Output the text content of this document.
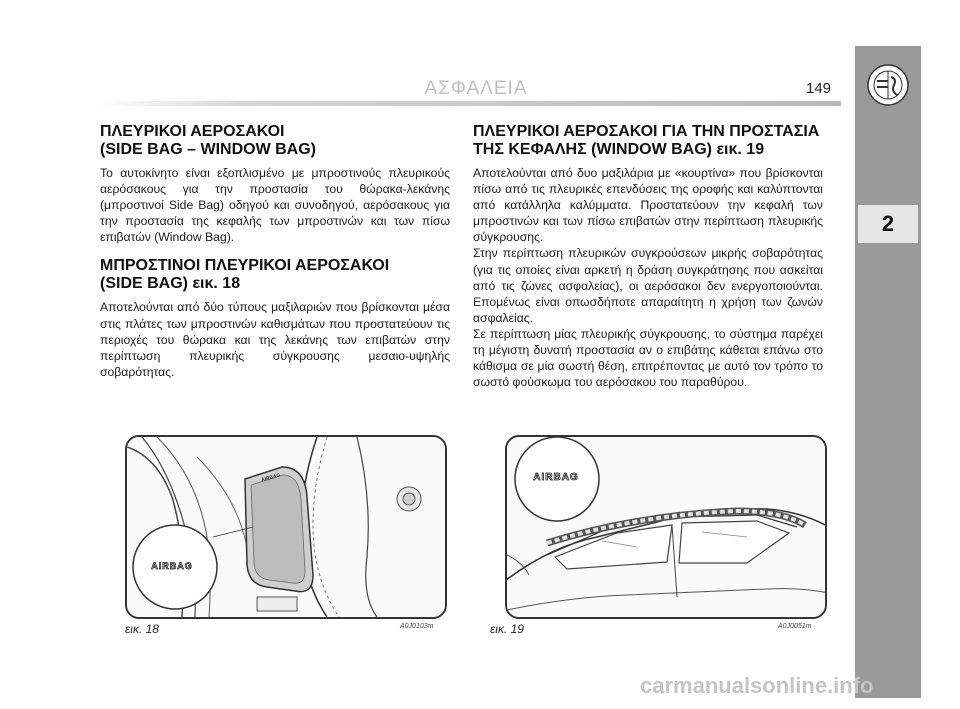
2
ΑΣΦΑΛΕΙΑ	149
ΠΛΕΥΡΙΚΟΙ ΑΕΡΟΣΑΚΟΙ
(SIDE BAG – WINDOW BAG)

Το αυτοκίνητο είναι εξοπλισμένο με μπροστινούς πλευρικούς αερόσακους για την προστασία του θώρακα-λεκάνης (μπροστινοί Side Bag) οδηγού και συνοδηγού, αερόσακους για την προστασία της κεφαλής των μπροστινών και των πίσω επιβατών (Window Bag).

ΜΠΡΟΣΤΙΝΟΙ ΠΛΕΥΡΙΚΟΙ ΑΕΡΟΣΑΚΟΙ
(SIDE BAG) εικ. 18

Αποτελούνται από δύο τύπους μαξιλαριών που βρίσκονται μέσα στις πλάτες των μπροστινών καθισμάτων που προστατεύουν τις περιοχές του θώρακα και της λεκάνης των επιβατών στην περίπτωση πλευρικής σύγκρουσης μεσαιο-υψηλής σοβαρότητας.

ΠΛΕΥΡΙΚΟΙ ΑΕΡΟΣΑΚΟΙ ΓΙΑ ΤΗΝ ΠΡΟΣΤΑΣΙΑ
ΤΗΣ ΚΕΦΑΛΗΣ (WINDOW BAG) εικ. 19

Αποτελούνται από δυο μαξιλάρια με «κουρτίνα» που βρίσκονται πίσω από τις πλευρικές επενδύσεις της οροφής και καλύπτονται από κατάλληλα καλύμματα. Προστατεύουν την κεφαλή των μπροστινών και των πίσω επιβατών στην περίπτωση πλευρικής σύγκρουσης.

Στην περίπτωση πλευρικών συγκρούσεων μικρής σοβαρότητας (για τις οποίες είναι αρκετή η δράση συγκράτησης που ασκείται από τις ζώνες ασφαλείας), οι αερόσακοι δεν ενεργοποιούνται. Επομένως είναι οπωσδήποτε απαραίτητη η χρήση των ζωνών ασφαλείας.

Σε περίπτωση μίας πλευρικής σύγκρουσης, το σύστημα παρέχει τη μέγιστη δυνατή προστασία αν ο επιβάτης κάθεται επάνω στο κάθισμα σε μία σωστή θέση, επιτρέποντας με αυτό τον τρόπο το σωστό φούσκωμα του αερόσακου του παραθύρου.

AIRBAG
AIRBAG
εικ. 18	A0J0103m
AIRBAG
εικ. 19	A0J0051m
carmanualsonline.info
